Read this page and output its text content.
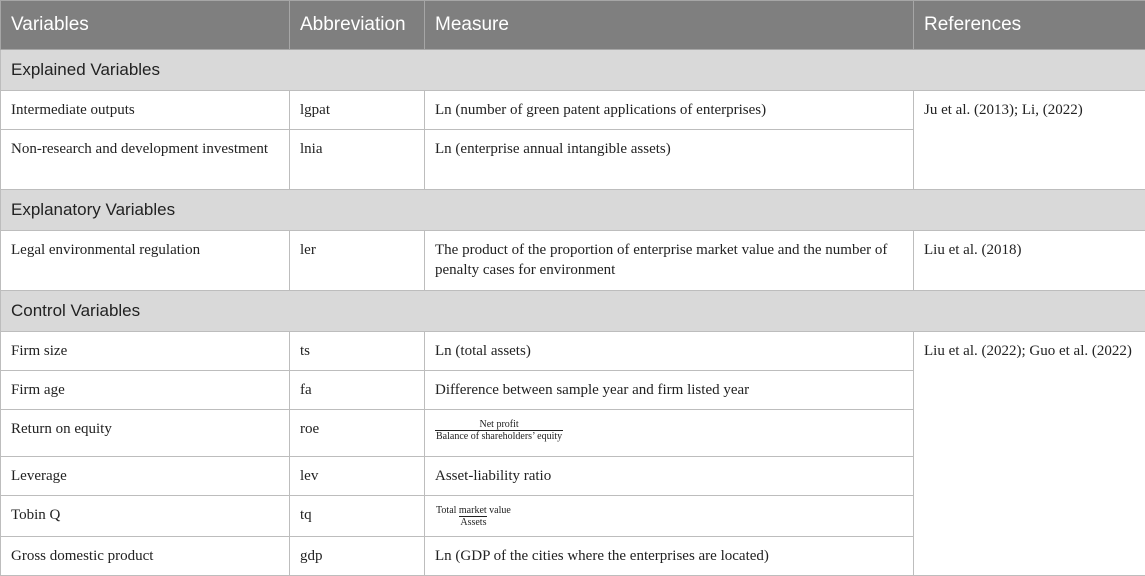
Variables	Abbreviation	Measure	References
Explained Variables			
Intermediate outputs	lgpat	Ln (number of green patent applications of enterprises)	Ju et al. (2013); Li, (2022)
Non-research and development investment	lnia	Ln (enterprise annual intangible assets)	
Explanatory Variables			
Legal environmental regulation	ler	The product of the proportion of enterprise market value and the number of penalty cases for environment	Liu et al. (2018)
Control Variables			
Firm size	ts	Ln (total assets)	Liu et al. (2022); Guo et al. (2022)
Firm age	fa	Difference between sample year and firm listed year	
Return on equity	roe	$\frac{\text{Net profit}}{\text{Balance of shareholders’ equity}}$

Leverage	lev	Asset-liability ratio	
Tobin Q	tq	$\frac{\text{Total market value}}{\text{Assets}}$

Gross domestic product	gdp	Ln (GDP of the cities where the enterprises are located)	
